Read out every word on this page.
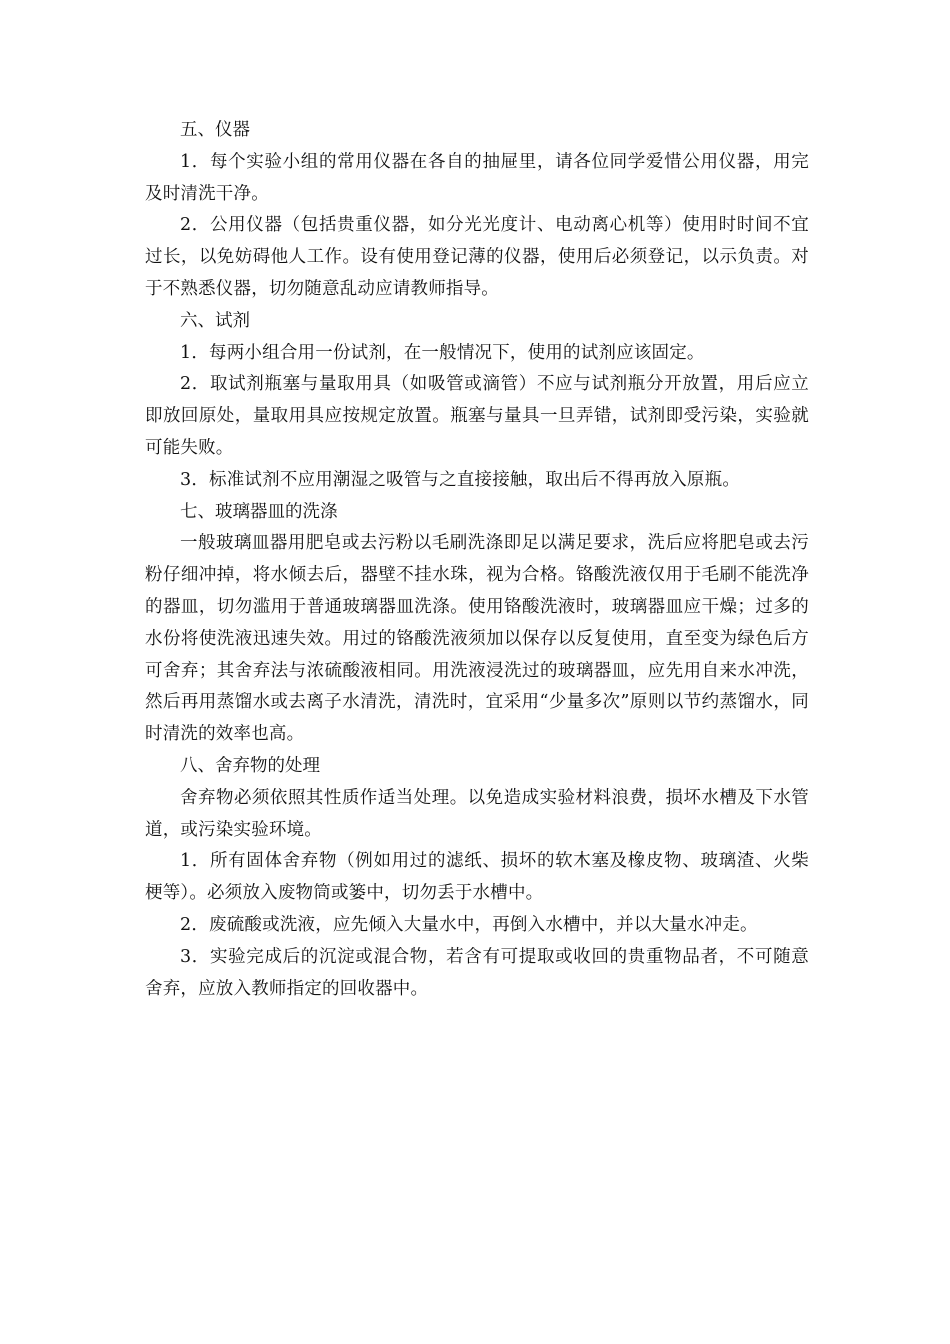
五、仪器

1．每个实验小组的常用仪器在各自的抽屉里，请各位同学爱惜公用仪器，用完及时清洗干净。

2．公用仪器（包括贵重仪器，如分光光度计、电动离心机等）使用时时间不宜过长，以免妨碍他人工作。设有使用登记薄的仪器，使用后必须登记，以示负责。对于不熟悉仪器，切勿随意乱动应请教师指导。

六、试剂

1．每两小组合用一份试剂，在一般情况下，使用的试剂应该固定。

2．取试剂瓶塞与量取用具（如吸管或滴管）不应与试剂瓶分开放置，用后应立即放回原处，量取用具应按规定放置。瓶塞与量具一旦弄错，试剂即受污染，实验就可能失败。

3．标准试剂不应用潮湿之吸管与之直接接触，取出后不得再放入原瓶。

七、玻璃器皿的洗涤

一般玻璃皿器用肥皂或去污粉以毛刷洗涤即足以满足要求，洗后应将肥皂或去污粉仔细冲掉，将水倾去后，器壁不挂水珠，视为合格。铬酸洗液仅用于毛刷不能洗净的器皿，切勿滥用于普通玻璃器皿洗涤。使用铬酸洗液时，玻璃器皿应干燥；过多的水份将使洗液迅速失效。用过的铬酸洗液须加以保存以反复使用，直至变为绿色后方可舍弃；其舍弃法与浓硫酸液相同。用洗液浸洗过的玻璃器皿，应先用自来水冲洗，然后再用蒸馏水或去离子水清洗，清洗时，宜采用“少量多次”原则以节约蒸馏水，同时清洗的效率也高。

八、舍弃物的处理

舍弃物必须依照其性质作适当处理。以免造成实验材料浪费，损坏水槽及下水管道，或污染实验环境。

1．所有固体舍弃物（例如用过的滤纸、损坏的软木塞及橡皮物、玻璃渣、火柴梗等）。必须放入废物筒或篓中，切勿丢于水槽中。

2．废硫酸或洗液，应先倾入大量水中，再倒入水槽中，并以大量水冲走。

3．实验完成后的沉淀或混合物，若含有可提取或收回的贵重物品者，不可随意舍弃，应放入教师指定的回收器中。
